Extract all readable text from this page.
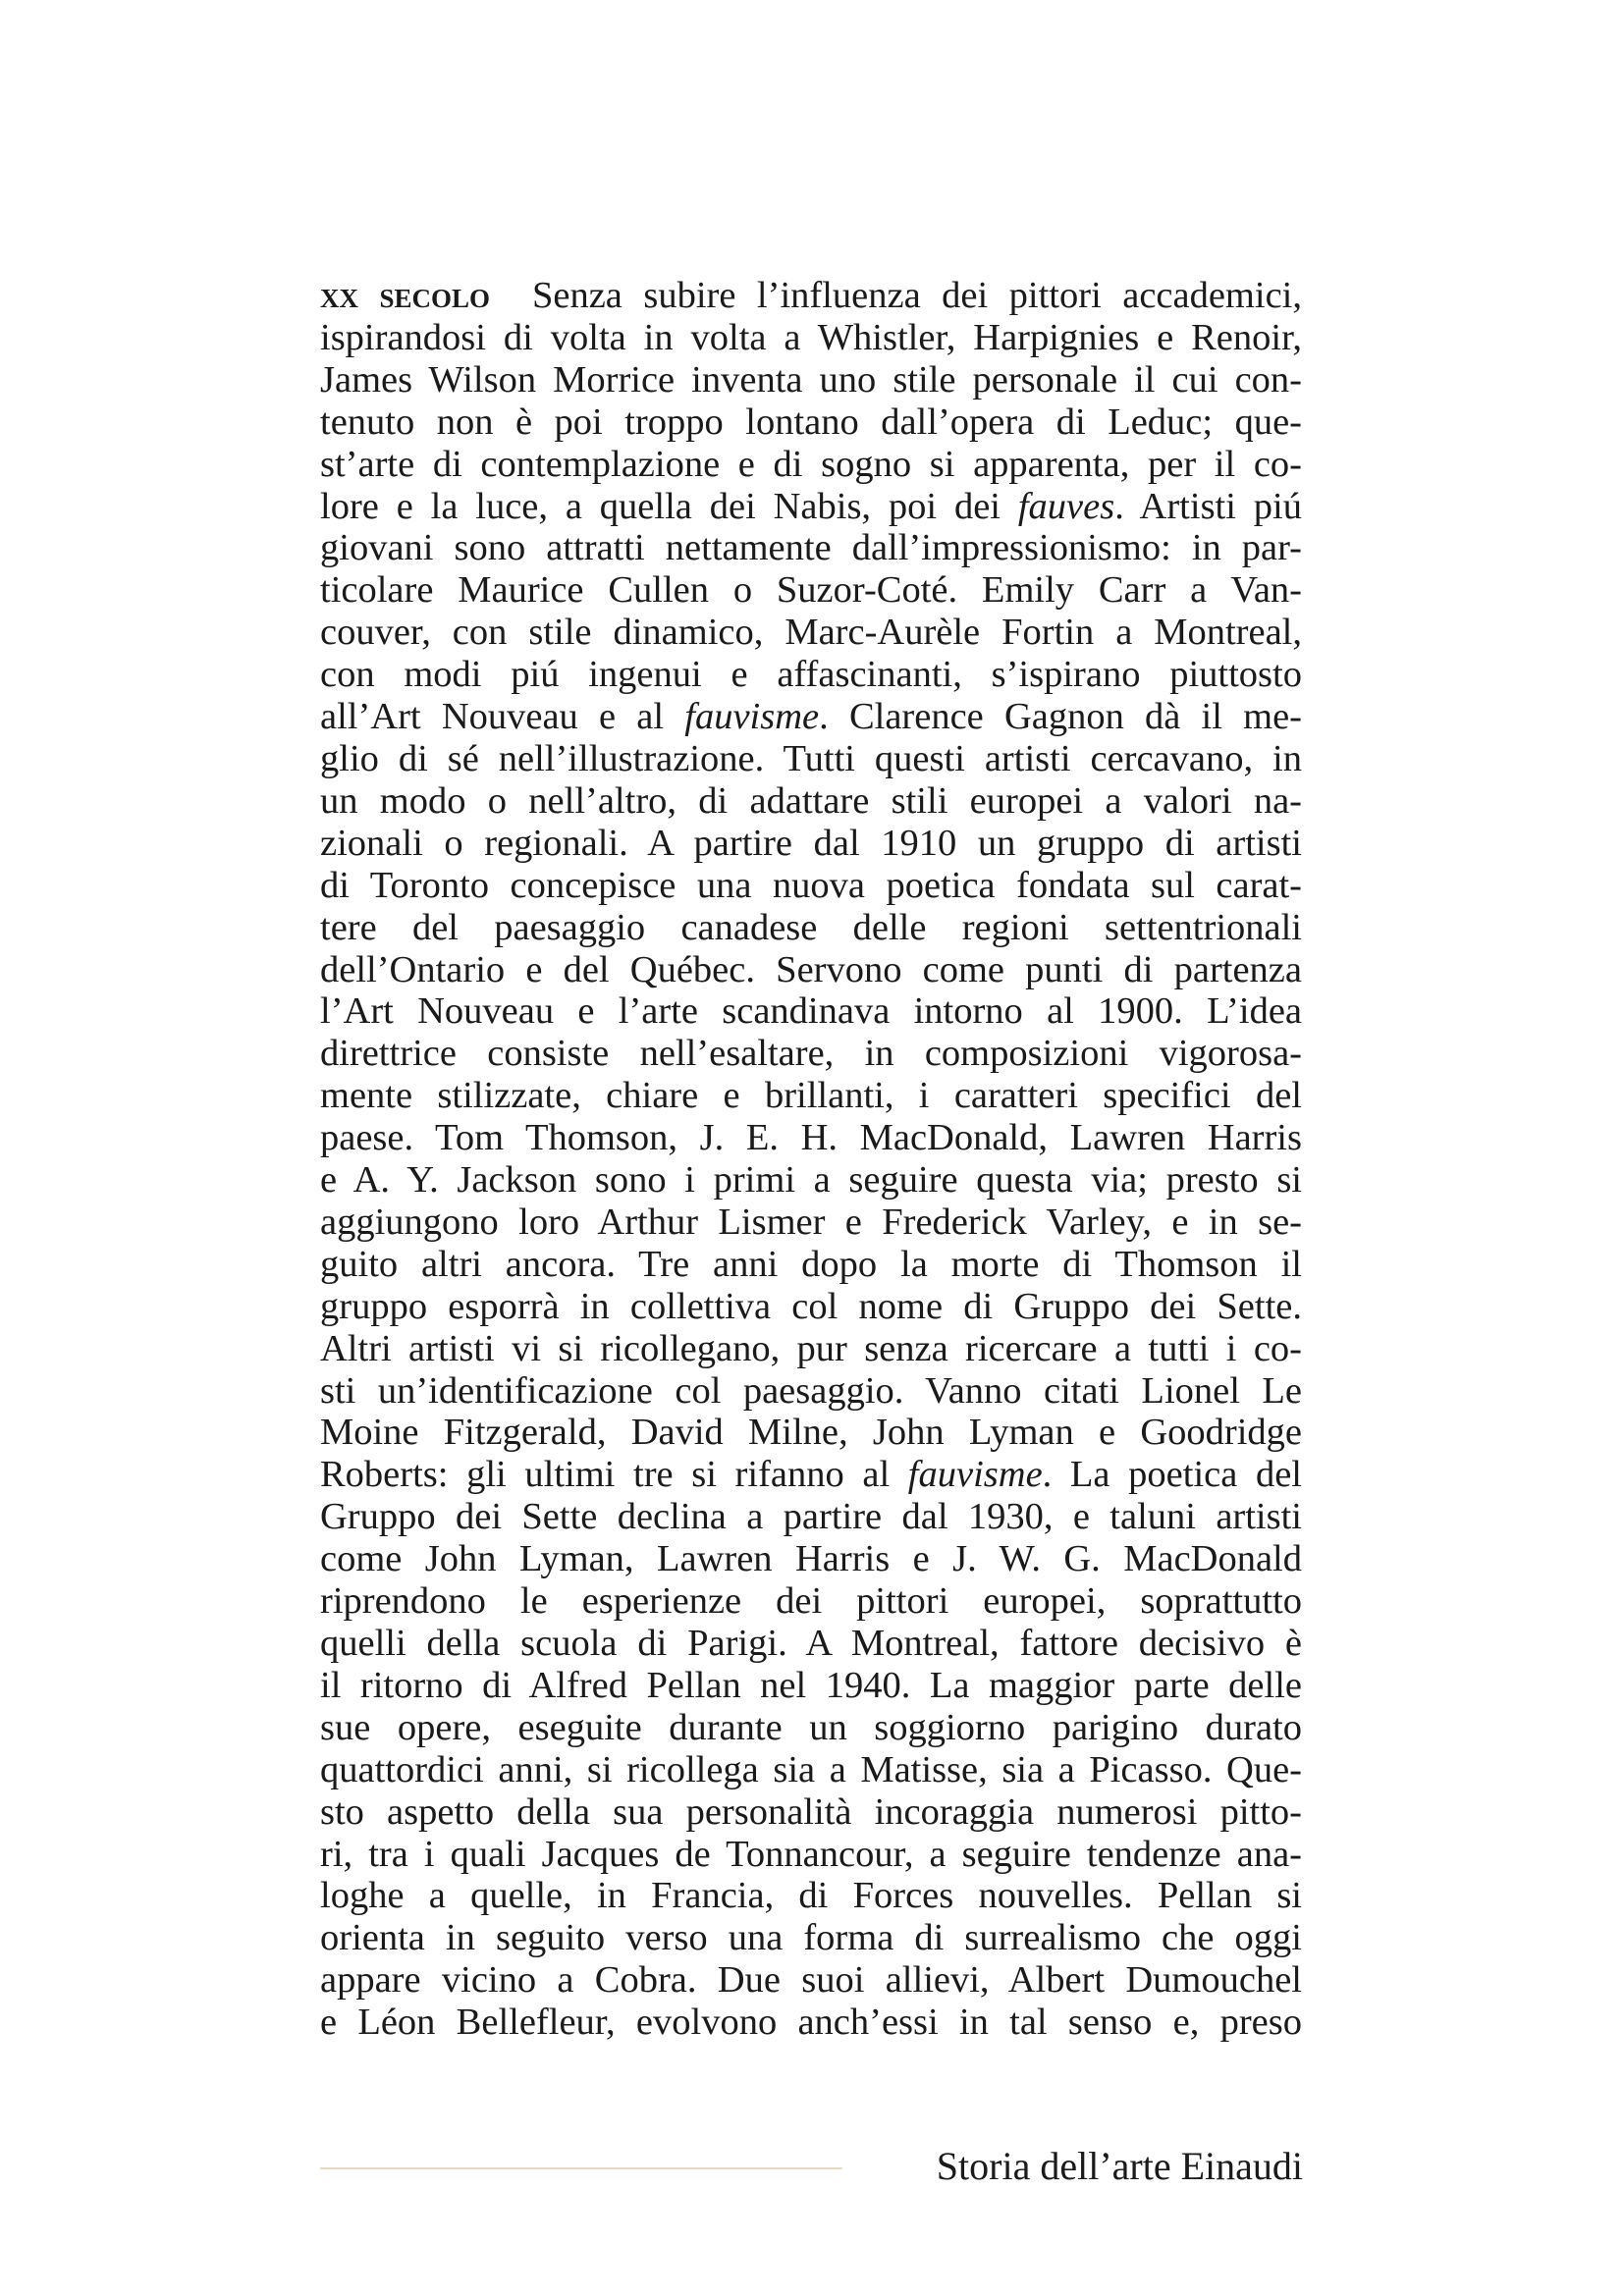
xx secolo Senza subire l’influenza dei pittori accademici,
ispirandosi di volta in volta a Whistler, Harpignies e Renoir,
James Wilson Morrice inventa uno stile personale il cui con-
tenuto non è poi troppo lontano dall’opera di Leduc; que-
st’arte di contemplazione e di sogno si apparenta, per il co-
lore e la luce, a quella dei Nabis, poi dei fauves. Artisti piú
giovani sono attratti nettamente dall’impressionismo: in par-
ticolare Maurice Cullen o Suzor-Coté. Emily Carr a Van-
couver, con stile dinamico, Marc-Aurèle Fortin a Montreal,
con modi piú ingenui e affascinanti, s’ispirano piuttosto
all’Art Nouveau e al fauvisme. Clarence Gagnon dà il me-
glio di sé nell’illustrazione. Tutti questi artisti cercavano, in
un modo o nell’altro, di adattare stili europei a valori na-
zionali o regionali. A partire dal 1910 un gruppo di artisti
di Toronto concepisce una nuova poetica fondata sul carat-
tere del paesaggio canadese delle regioni settentrionali
dell’Ontario e del Québec. Servono come punti di partenza
l’Art Nouveau e l’arte scandinava intorno al 1900. L’idea
direttrice consiste nell’esaltare, in composizioni vigorosa-
mente stilizzate, chiare e brillanti, i caratteri specifici del
paese. Tom Thomson, J. E. H. MacDonald, Lawren Harris
e A. Y. Jackson sono i primi a seguire questa via; presto si
aggiungono loro Arthur Lismer e Frederick Varley, e in se-
guito altri ancora. Tre anni dopo la morte di Thomson il
gruppo esporrà in collettiva col nome di Gruppo dei Sette.
Altri artisti vi si ricollegano, pur senza ricercare a tutti i co-
sti un’identificazione col paesaggio. Vanno citati Lionel Le
Moine Fitzgerald, David Milne, John Lyman e Goodridge
Roberts: gli ultimi tre si rifanno al fauvisme. La poetica del
Gruppo dei Sette declina a partire dal 1930, e taluni artisti
come John Lyman, Lawren Harris e J. W. G. MacDonald
riprendono le esperienze dei pittori europei, soprattutto
quelli della scuola di Parigi. A Montreal, fattore decisivo è
il ritorno di Alfred Pellan nel 1940. La maggior parte delle
sue opere, eseguite durante un soggiorno parigino durato
quattordici anni, si ricollega sia a Matisse, sia a Picasso. Que-
sto aspetto della sua personalità incoraggia numerosi pitto-
ri, tra i quali Jacques de Tonnancour, a seguire tendenze ana-
loghe a quelle, in Francia, di Forces nouvelles. Pellan si
orienta in seguito verso una forma di surrealismo che oggi
appare vicino a Cobra. Due suoi allievi, Albert Dumouchel
e Léon Bellefleur, evolvono anch’essi in tal senso e, preso
Storia dell’arte Einaudi
